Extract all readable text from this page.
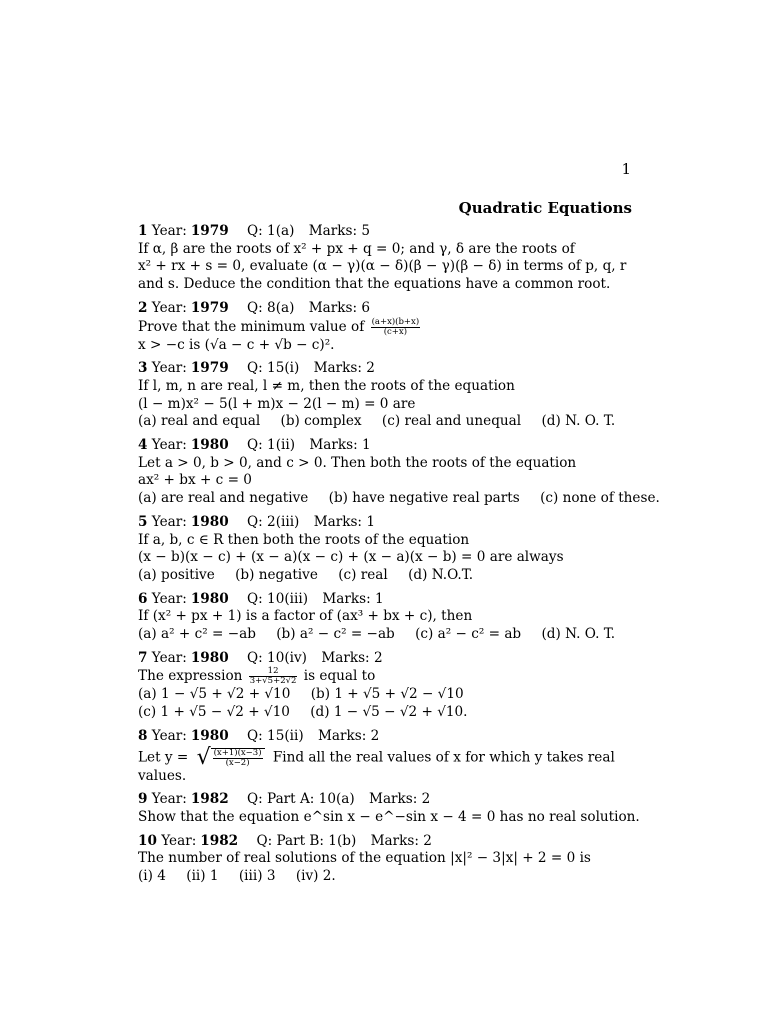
1
Quadratic Equations
1 Year: 1979 Q: 1(a) Marks: 5
If α, β are the roots of x² + px + q = 0; and γ, δ are the roots of
x² + rx + s = 0, evaluate (α − γ)(α − δ)(β − γ)(β − δ) in terms of p, q, r
and s. Deduce the condition that the equations have a common root.
2 Year: 1979 Q: 8(a) Marks: 6
Prove that the minimum value of $\frac{(a+x)(b+x)}{(c+x)}$
x > −c is (√a − c + √b − c)².
3 Year: 1979 Q: 15(i) Marks: 2
If l, m, n are real, l ≠ m, then the roots of the equation
(l − m)x² − 5(l + m)x − 2(l − m) = 0 are
(a) real and equal (b) complex (c) real and unequal (d) N. O. T.
4 Year: 1980 Q: 1(ii) Marks: 1
Let a > 0, b > 0, and c > 0. Then both the roots of the equation
ax² + bx + c = 0
(a) are real and negative (b) have negative real parts (c) none of these.
5 Year: 1980 Q: 2(iii) Marks: 1
If a, b, c ∈ R then both the roots of the equation
(x − b)(x − c) + (x − a)(x − c) + (x − a)(x − b) = 0 are always
(a) positive (b) negative (c) real (d) N.O.T.
6 Year: 1980 Q: 10(iii) Marks: 1
If (x² + px + 1) is a factor of (ax³ + bx + c), then
(a) a² + c² = −ab (b) a² − c² = −ab (c) a² − c² = ab (d) N. O. T.
7 Year: 1980 Q: 10(iv) Marks: 2
The expression $\frac{12}{3+√5+2√2}$ is equal to
(a) 1 − √5 + √2 + √10 (b) 1 + √5 + √2 − √10
(c) 1 + √5 − √2 + √10 (d) 1 − √5 − √2 + √10.
8 Year: 1980 Q: 15(ii) Marks: 2
Let y = √ $\frac{(x+1)(x-3)}{(x-2)}$ Find all the real values of x for which y takes real
values.
9 Year: 1982 Q: Part A: 10(a) Marks: 2
Show that the equation e^sin x − e^−sin x − 4 = 0 has no real solution.
10 Year: 1982 Q: Part B: 1(b) Marks: 2
The number of real solutions of the equation |x|² − 3|x| + 2 = 0 is
(i) 4 (ii) 1 (iii) 3 (iv) 2.
